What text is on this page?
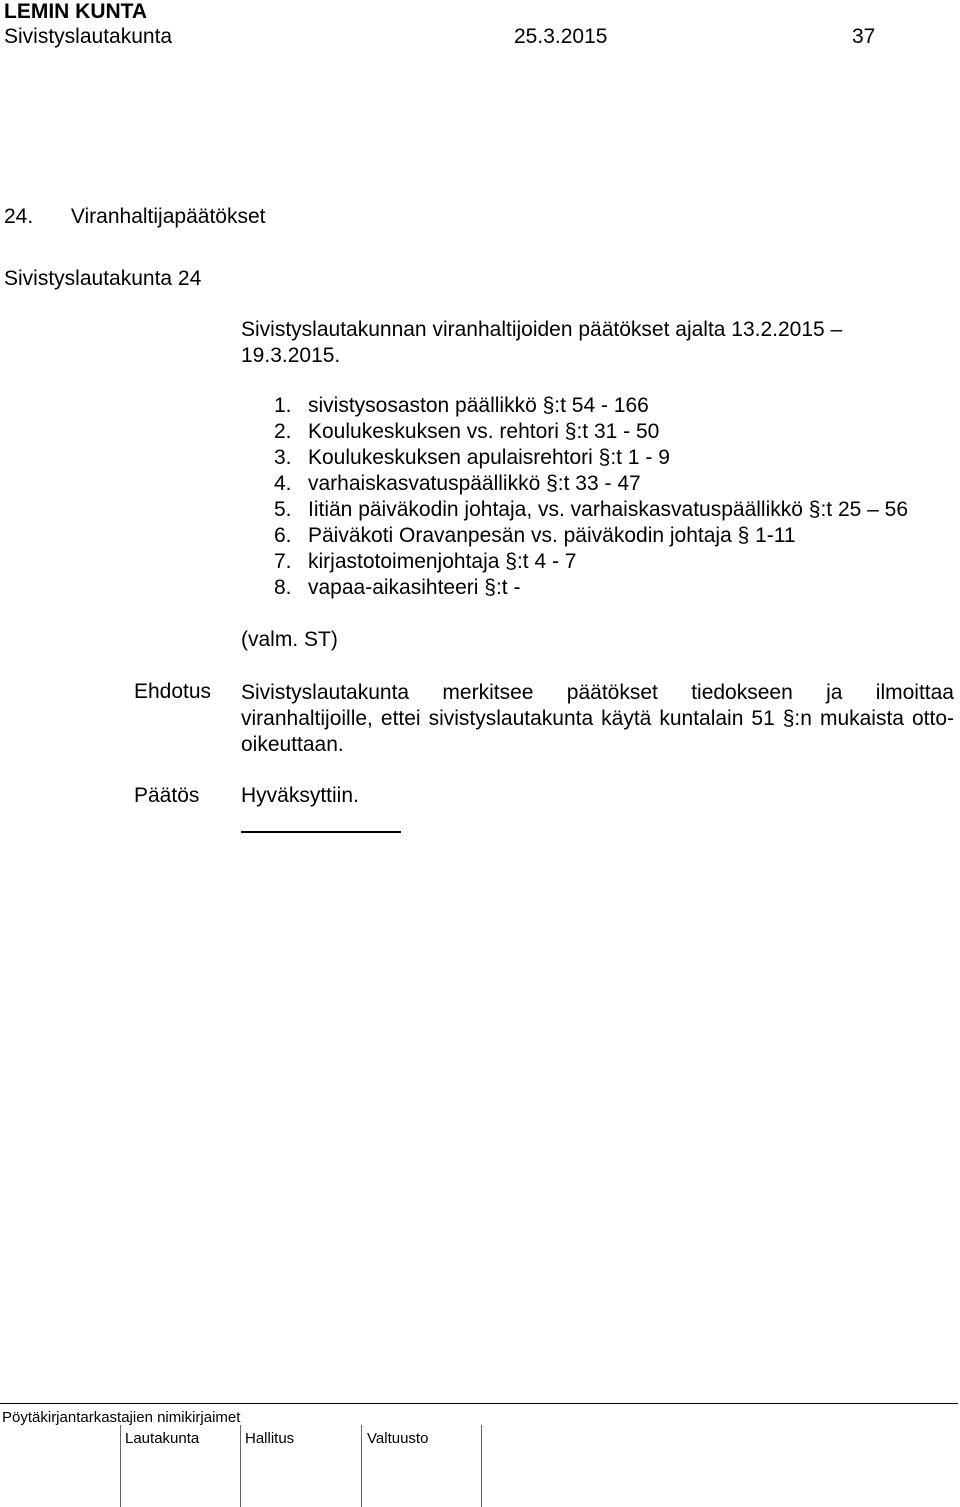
LEMIN KUNTA
Sivistyslautakunta	25.3.2015	37
24. Viranhaltijapäätökset
Sivistyslautakunta 24
Sivistyslautakunnan viranhaltijoiden päätökset ajalta 13.2.2015 –
19.3.2015.
1. sivistysosaston päällikkö §:t 54 - 166
2. Koulukeskuksen vs. rehtori §:t 31 - 50
3. Koulukeskuksen apulaisrehtori §:t 1 - 9
4. varhaiskasvatuspäällikkö §:t 33 - 47
5. Iitiän päiväkodin johtaja, vs. varhaiskasvatuspäällikkö §:t 25 – 56
6. Päiväkoti Oravanpesän vs. päiväkodin johtaja § 1-11
7. kirjastotoimenjohtaja §:t 4 - 7
8. vapaa-aikasihteeri §:t -
(valm. ST)
Ehdotus Sivistyslautakunta merkitsee päätökset tiedokseen ja ilmoittaa viranhaltijoille, ettei sivistyslautakunta käytä kuntalain 51 §:n mukaista otto-oikeuttaan.
Päätös Hyväksyttiin.
Pöytäkirjantarkastajien nimikirjaimet
Lautakunta	Hallitus	Valtuusto
